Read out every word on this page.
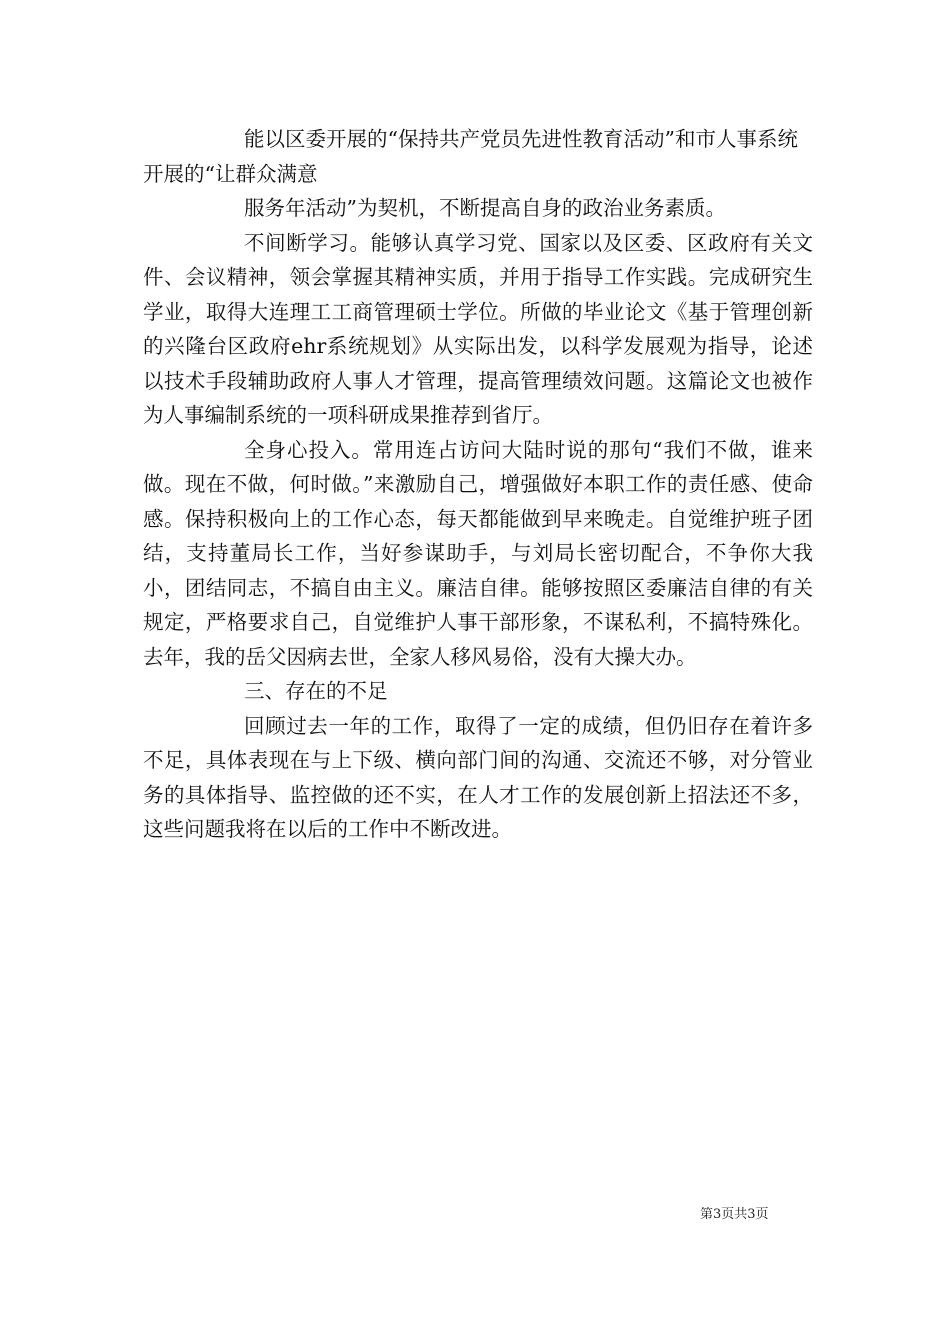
能以区委开展的“保持共产党员先进性教育活动”和市人事系统开展的“让群众满意

服务年活动”为契机，不断提高自身的政治业务素质。

不间断学习。能够认真学习党、国家以及区委、区政府有关文件、会议精神，领会掌握其精神实质，并用于指导工作实践。完成研究生学业，取得大连理工工商管理硕士学位。所做的毕业论文《基于管理创新的兴隆台区政府ehr系统规划》从实际出发，以科学发展观为指导，论述以技术手段辅助政府人事人才管理，提高管理绩效问题。这篇论文也被作为人事编制系统的一项科研成果推荐到省厅。

全身心投入。常用连占访问大陆时说的那句“我们不做，谁来做。现在不做，何时做。”来激励自己，增强做好本职工作的责任感、使命感。保持积极向上的工作心态，每天都能做到早来晚走。自觉维护班子团结，支持董局长工作，当好参谋助手，与刘局长密切配合，不争你大我小，团结同志，不搞自由主义。廉洁自律。能够按照区委廉洁自律的有关规定，严格要求自己，自觉维护人事干部形象，不谋私利，不搞特殊化。去年，我的岳父因病去世，全家人移风易俗，没有大操大办。

三、存在的不足

回顾过去一年的工作，取得了一定的成绩，但仍旧存在着许多不足，具体表现在与上下级、横向部门间的沟通、交流还不够，对分管业务的具体指导、监控做的还不实，在人才工作的发展创新上招法还不多，这些问题我将在以后的工作中不断改进。

第3页共3页
